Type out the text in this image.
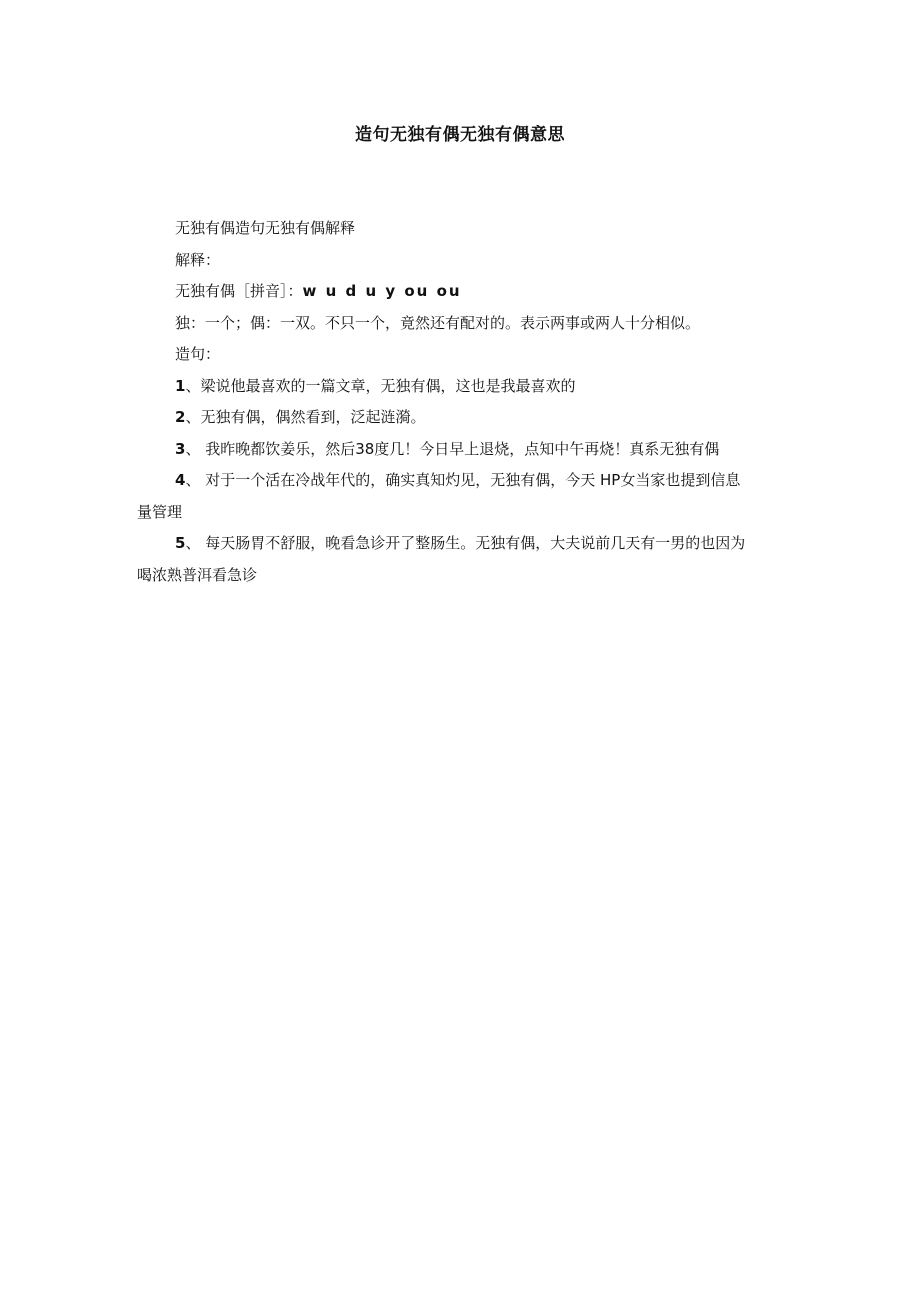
造句无独有偶无独有偶意思

无独有偶造句无独有偶解释

解释：

无独有偶［拼音］：w u d u y ou ou

独：一个；偶：一双。不只一个，竟然还有配对的。表示两事或两人十分相似。

造句：

1、梁说他最喜欢的一篇文章，无独有偶，这也是我最喜欢的

2、无独有偶，偶然看到，泛起涟漪。

3、 我昨晚都饮姜乐，然后38度几！今日早上退烧，点知中午再烧！真系无独有偶

4、 对于一个活在冷战年代的，确实真知灼见，无独有偶，今天 HP女当家也提到信息量管理

5、 每天肠胃不舒服，晚看急诊开了整肠生。无独有偶，大夫说前几天有一男的也因为喝浓熟普洱看急诊
